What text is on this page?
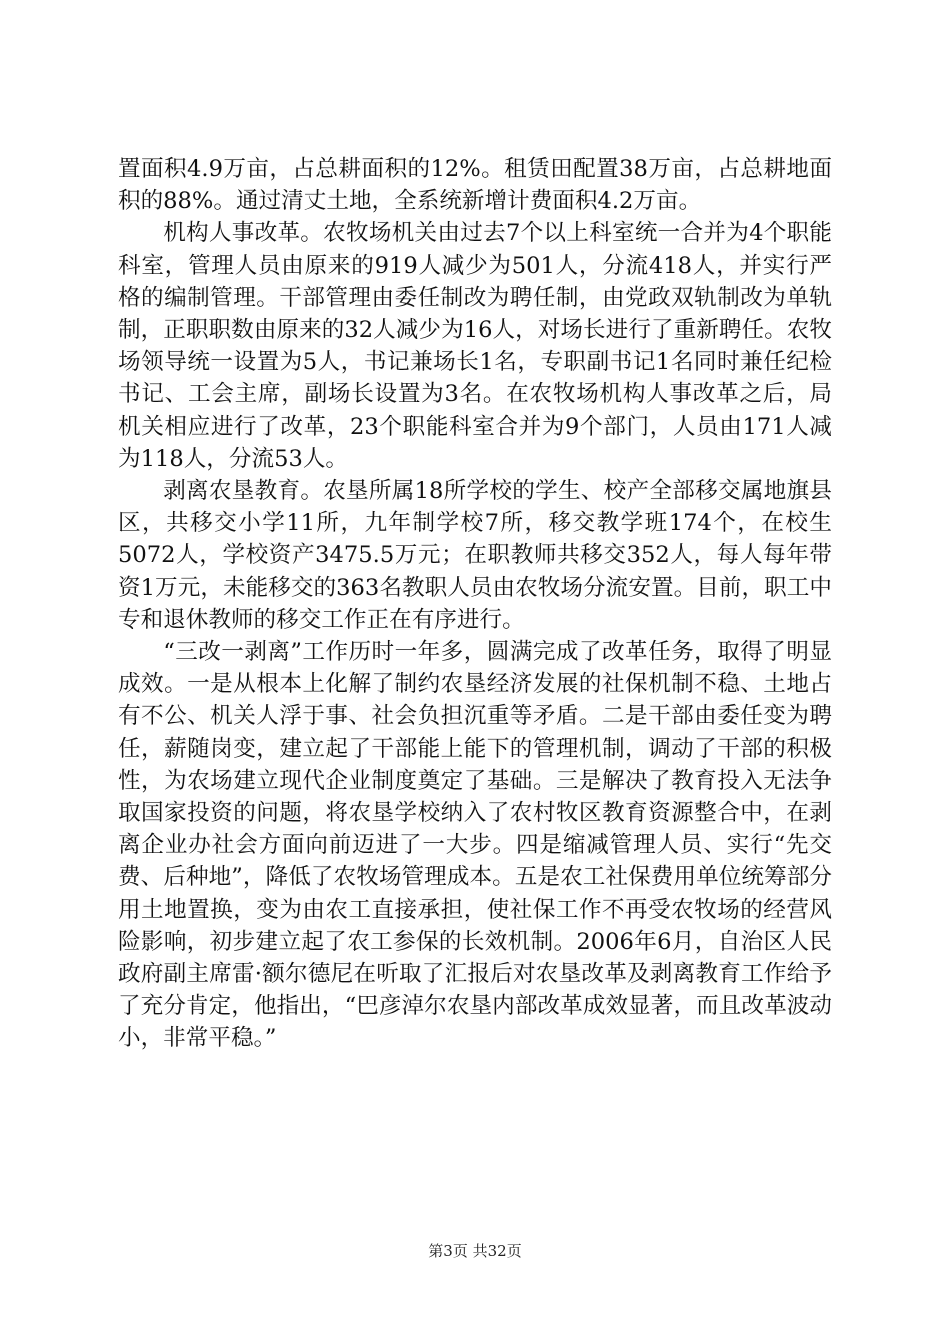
置面积4.9万亩，占总耕面积的12%。租赁田配置38万亩，占总耕地面积的88%。通过清丈土地，全系统新增计费面积4.2万亩。

机构人事改革。农牧场机关由过去7个以上科室统一合并为4个职能科室，管理人员由原来的919人减少为501人，分流418人，并实行严格的编制管理。干部管理由委任制改为聘任制，由党政双轨制改为单轨制，正职职数由原来的32人减少为16人，对场长进行了重新聘任。农牧场领导统一设置为5人，书记兼场长1名，专职副书记1名同时兼任纪检书记、工会主席，副场长设置为3名。在农牧场机构人事改革之后，局机关相应进行了改革，23个职能科室合并为9个部门，人员由171人减为118人，分流53人。

剥离农垦教育。农垦所属18所学校的学生、校产全部移交属地旗县区，共移交小学11所，九年制学校7所，移交教学班174个，在校生5072人，学校资产3475.5万元；在职教师共移交352人，每人每年带资1万元，未能移交的363名教职人员由农牧场分流安置。目前，职工中专和退休教师的移交工作正在有序进行。

“三改一剥离”工作历时一年多，圆满完成了改革任务，取得了明显成效。一是从根本上化解了制约农垦经济发展的社保机制不稳、土地占有不公、机关人浮于事、社会负担沉重等矛盾。二是干部由委任变为聘任，薪随岗变，建立起了干部能上能下的管理机制，调动了干部的积极性，为农场建立现代企业制度奠定了基础。三是解决了教育投入无法争取国家投资的问题，将农垦学校纳入了农村牧区教育资源整合中，在剥离企业办社会方面向前迈进了一大步。四是缩减管理人员、实行“先交费、后种地”，降低了农牧场管理成本。五是农工社保费用单位统筹部分用土地置换，变为由农工直接承担，使社保工作不再受农牧场的经营风险影响，初步建立起了农工参保的长效机制。2006年6月，自治区人民政府副主席雷·额尔德尼在听取了汇报后对农垦改革及剥离教育工作给予了充分肯定，他指出，“巴彦淖尔农垦内部改革成效显著，而且改革波动小，非常平稳。”

第3页 共32页
